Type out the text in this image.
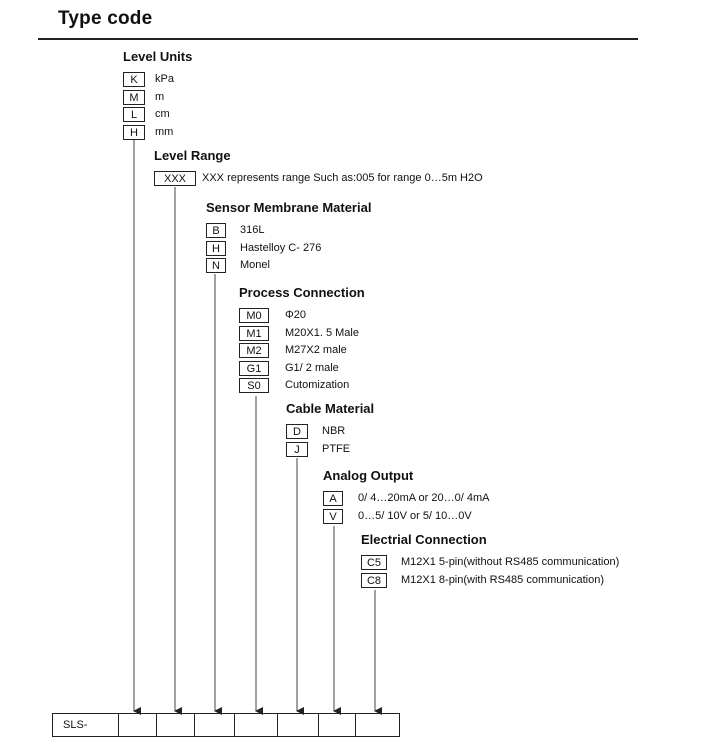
Type code
Level Units
K	kPa
M	m
L	cm
H	mm
Level Range
XXX	XXX represents range Such as:005 for range 0…5m H2O
Sensor Membrane Material
B	316L
H	Hastelloy C- 276
N	Monel
Process Connection
M0	Φ20
M1	M20X1. 5 Male
M2	M27X2 male
G1	G1/ 2 male
S0	Cutomization
Cable Material
D	NBR
J	PTFE
Analog Output
A	0/ 4…20mA or 20…0/ 4mA
V	0…5/ 10V or 5/ 10…0V
Electrial Connection
C5	M12X1 5-pin(without RS485 communication)
C8	M12X1 8-pin(with RS485 communication)
SLS-
